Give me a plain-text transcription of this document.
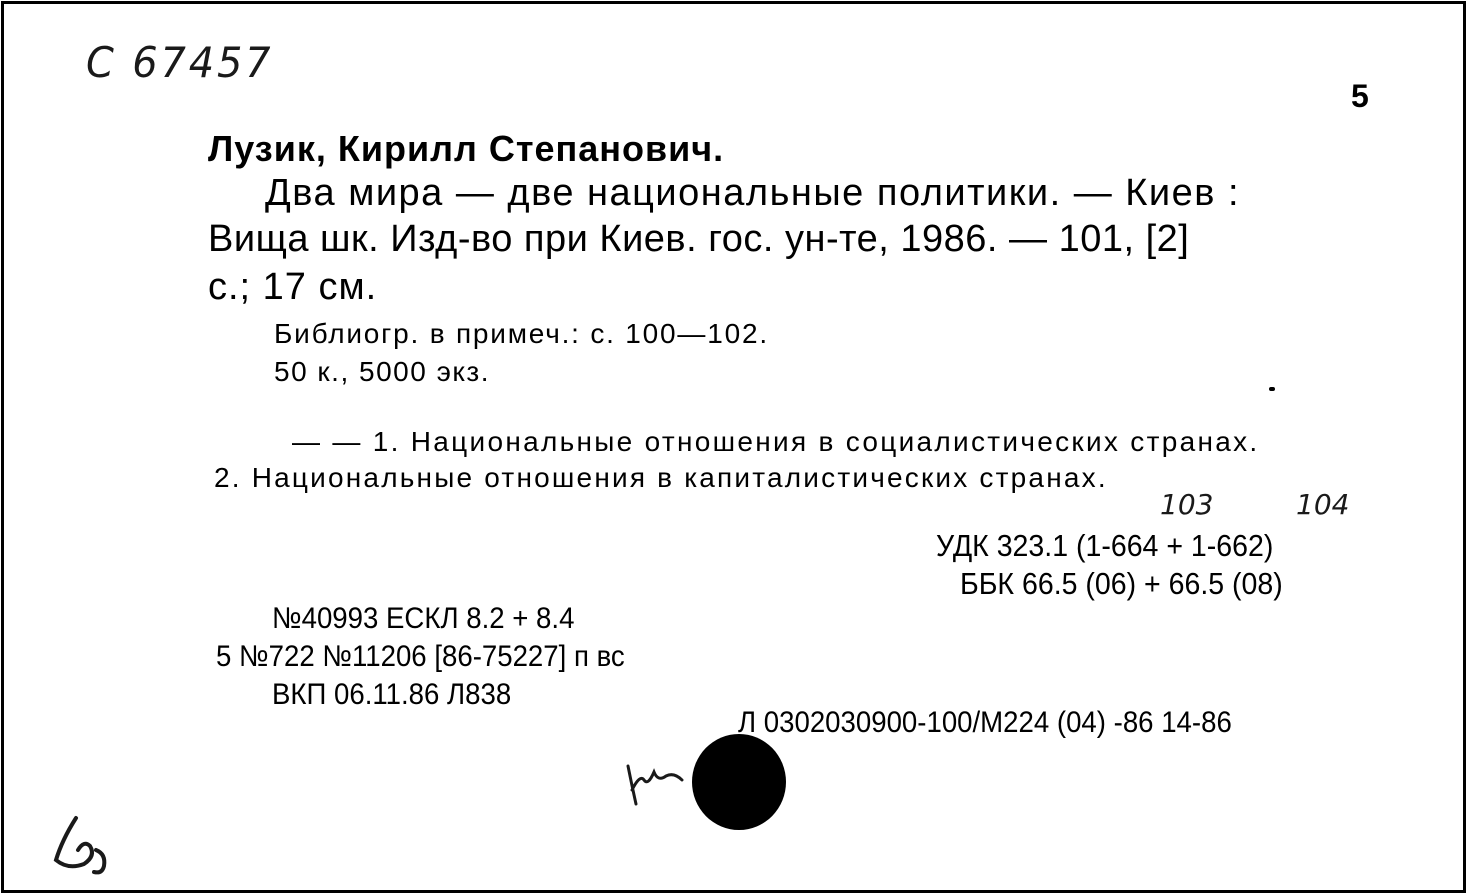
С 67457
5
Лузик, Кирилл Степанович.
Два мира — две национальные политики. — Киев :
Вища шк. Изд-во при Киев. гос. ун-те, 1986. — 101, [2]
с.; 17 см.
Библиогр. в примеч.: с. 100—102.
50 к., 5000 экз.
— — 1. Национальные отношения в социалистических странах.
2. Национальные отношения в капиталистических странах.
103	104
УДК 323.1 (1-664 + 1-662)
ББК 66.5 (06) + 66.5 (08)
№40993 ЕСКЛ 8.2 + 8.4
5 №722 №11206 [86-75227] п вс
ВКП 06.11.86 Л838
Л 0302030900-100/М224 (04) -86 14-86
